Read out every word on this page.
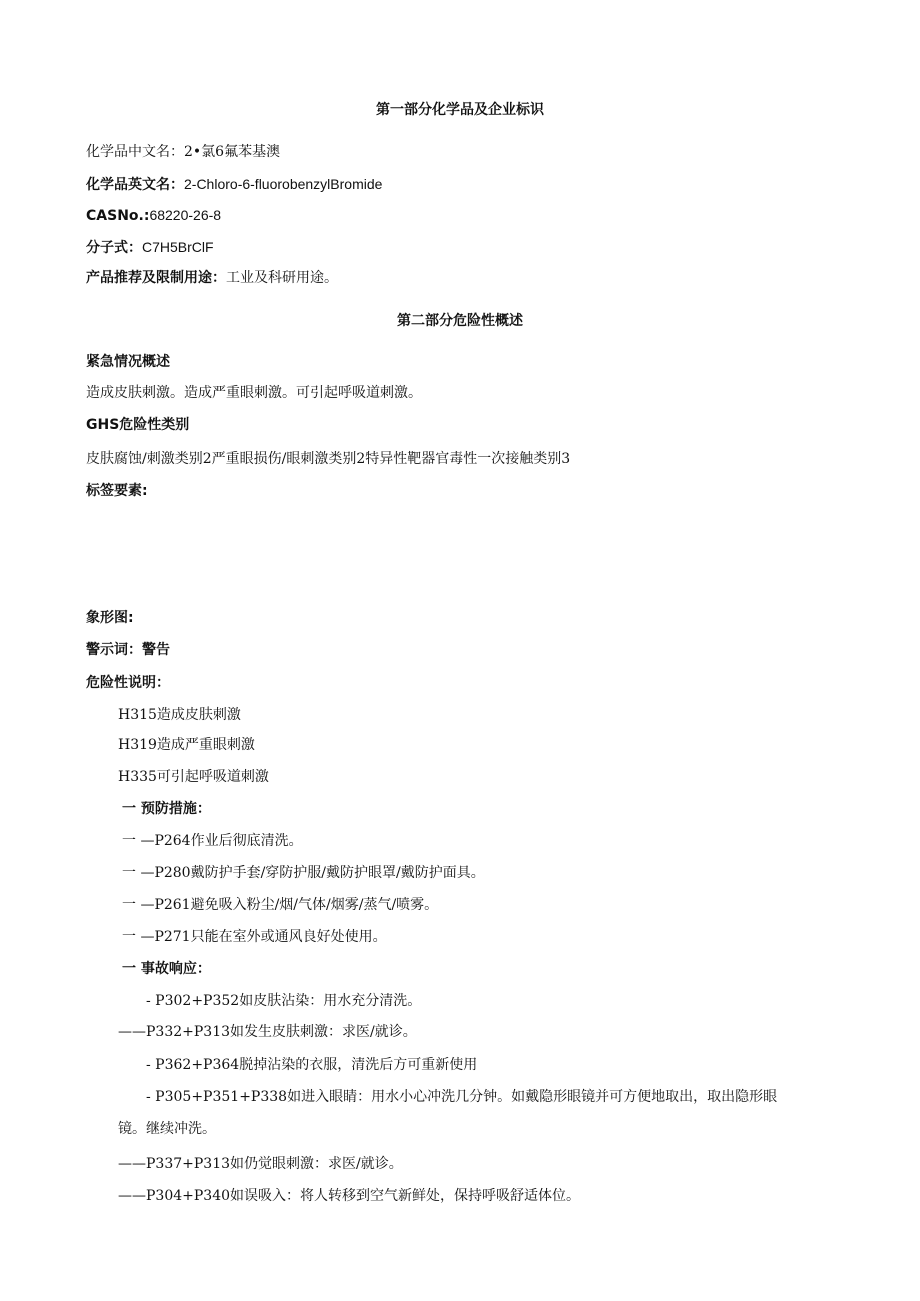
第一部分化学品及企业标识
化学品中文名：2•氯6氟苯基澳
化学品英文名：2-Chloro-6-fluorobenzylBromide
CASNo.:68220-26-8
分子式：C7H5BrClF
产品推荐及限制用途：工业及科研用途。
第二部分危险性概述
紧急情况概述
造成皮肤刺激。造成严重眼刺激。可引起呼吸道刺激。
GHS危险性类别
皮肤腐蚀/刺激类别2严重眼损伤/眼刺激类别2特异性靶器官毒性一次接触类别3
标签要素:
象形图:
警示词：警告
危险性说明：
H315造成皮肤刺激
H319造成严重眼刺激
H335可引起呼吸道刺激
一 预防措施：
一 —P264作业后彻底清洗。
一 —P280戴防护手套/穿防护服/戴防护眼罩/戴防护面具。
一 —P261避免吸入粉尘/烟/气体/烟雾/蒸气/喷雾。
一 —P271只能在室外或通风良好处使用。
一 事故响应：
- P302+P352如皮肤沾染：用水充分清洗。
——P332+P313如发生皮肤刺激：求医/就诊。
- P362+P364脱掉沾染的衣服，清洗后方可重新使用
- P305+P351+P338如进入眼睛：用水小心冲洗几分钟。如戴隐形眼镜并可方便地取出，取出隐形眼
镜。继续冲洗。
——P337+P313如仍觉眼刺激：求医/就诊。
——P304+P340如误吸入：将人转移到空气新鲜处，保持呼吸舒适体位。
